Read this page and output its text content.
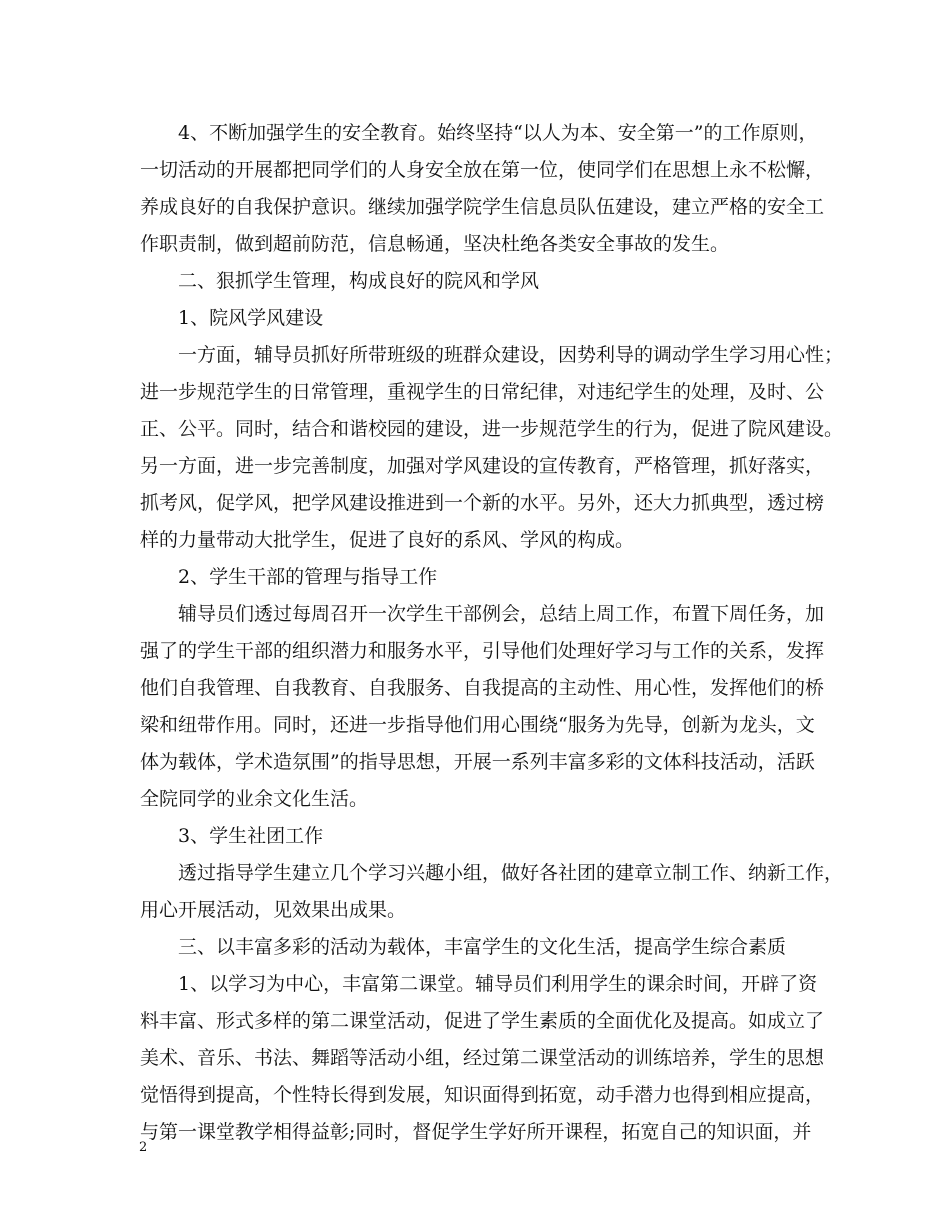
4、不断加强学生的安全教育。始终坚持“以人为本、安全第一”的工作原则，
一切活动的开展都把同学们的人身安全放在第一位，使同学们在思想上永不松懈，
养成良好的自我保护意识。继续加强学院学生信息员队伍建设，建立严格的安全工
作职责制，做到超前防范，信息畅通，坚决杜绝各类安全事故的发生。
二、狠抓学生管理，构成良好的院风和学风
1、院风学风建设
一方面，辅导员抓好所带班级的班群众建设，因势利导的调动学生学习用心性；
进一步规范学生的日常管理，重视学生的日常纪律，对违纪学生的处理，及时、公
正、公平。同时，结合和谐校园的建设，进一步规范学生的行为，促进了院风建设。
另一方面，进一步完善制度，加强对学风建设的宣传教育，严格管理，抓好落实，
抓考风，促学风，把学风建设推进到一个新的水平。另外，还大力抓典型，透过榜
样的力量带动大批学生，促进了良好的系风、学风的构成。
2、学生干部的管理与指导工作
辅导员们透过每周召开一次学生干部例会，总结上周工作，布置下周任务，加
强了的学生干部的组织潜力和服务水平，引导他们处理好学习与工作的关系，发挥
他们自我管理、自我教育、自我服务、自我提高的主动性、用心性，发挥他们的桥
梁和纽带作用。同时，还进一步指导他们用心围绕“服务为先导，创新为龙头，文
体为载体，学术造氛围”的指导思想，开展一系列丰富多彩的文体科技活动，活跃
全院同学的业余文化生活。
3、学生社团工作
透过指导学生建立几个学习兴趣小组，做好各社团的建章立制工作、纳新工作，
用心开展活动，见效果出成果。
三、以丰富多彩的活动为载体，丰富学生的文化生活，提高学生综合素质
1、以学习为中心，丰富第二课堂。辅导员们利用学生的课余时间，开辟了资
料丰富、形式多样的第二课堂活动，促进了学生素质的全面优化及提高。如成立了
美术、音乐、书法、舞蹈等活动小组，经过第二课堂活动的训练培养，学生的思想
觉悟得到提高，个性特长得到发展，知识面得到拓宽，动手潜力也得到相应提高，
与第一课堂教学相得益彰;同时，督促学生学好所开课程，拓宽自己的知识面，并
2
